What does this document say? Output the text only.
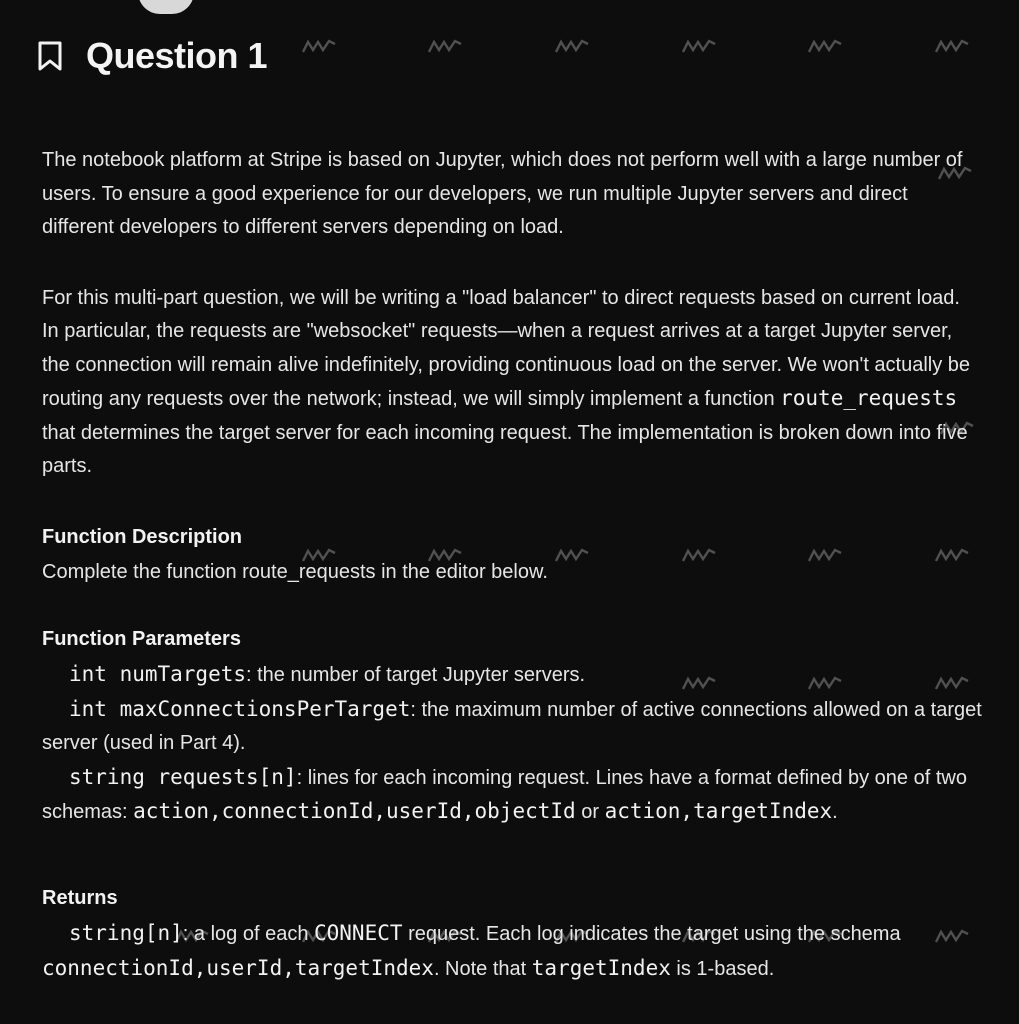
Question 1

The notebook platform at Stripe is based on Jupyter, which does not perform well with a large number of users. To ensure a good experience for our developers, we run multiple Jupyter servers and direct different developers to different servers depending on load.

For this multi-part question, we will be writing a "load balancer" to direct requests based on current load. In particular, the requests are "websocket" requests—when a request arrives at a target Jupyter server, the connection will remain alive indefinitely, providing continuous load on the server. We won't actually be routing any requests over the network; instead, we will simply implement a function route_requests that determines the target server for each incoming request. The implementation is broken down into five parts.

Function Description

Complete the function route_requests in the editor below.

Function Parameters

int numTargets: the number of target Jupyter servers.

int maxConnectionsPerTarget: the maximum number of active connections allowed on a target server (used in Part 4).

string requests[n]: lines for each incoming request. Lines have a format defined by one of two schemas: action,connectionId,userId,objectId or action,targetIndex.

Returns

string[n]: a log of each CONNECT request. Each log indicates the target using the schema connectionId,userId,targetIndex. Note that targetIndex is 1-based.
